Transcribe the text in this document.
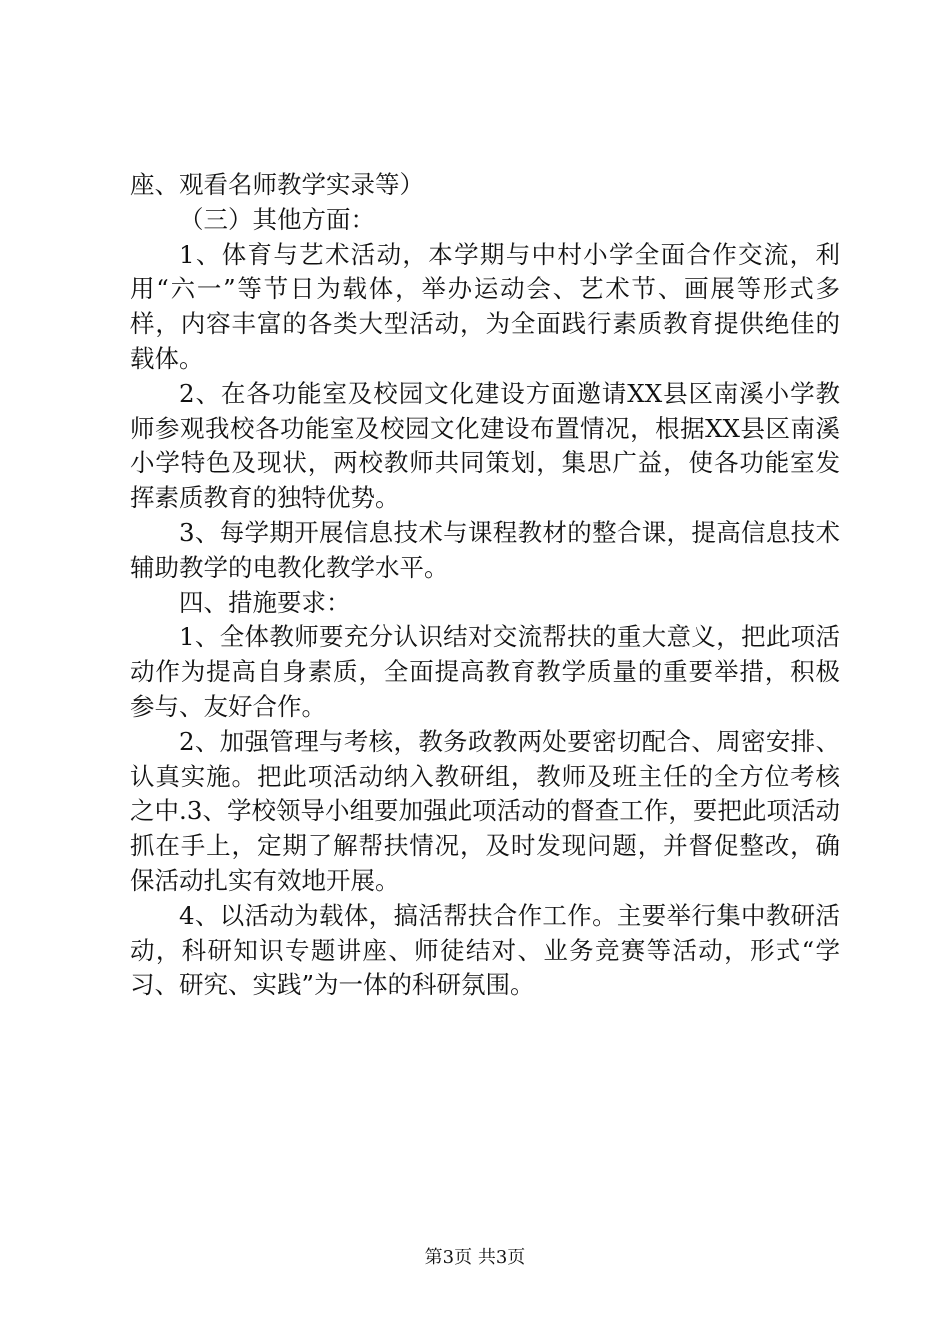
座、观看名师教学实录等）

（三）其他方面：

1、体育与艺术活动，本学期与中村小学全面合作交流，利用“六一”等节日为载体，举办运动会、艺术节、画展等形式多样，内容丰富的各类大型活动，为全面践行素质教育提供绝佳的载体。

2、在各功能室及校园文化建设方面邀请XX县区南溪小学教师参观我校各功能室及校园文化建设布置情况，根据XX县区南溪小学特色及现状，两校教师共同策划，集思广益，使各功能室发挥素质教育的独特优势。

3、每学期开展信息技术与课程教材的整合课，提高信息技术辅助教学的电教化教学水平。

四、措施要求：

1、全体教师要充分认识结对交流帮扶的重大意义，把此项活动作为提高自身素质，全面提高教育教学质量的重要举措，积极参与、友好合作。

2、加强管理与考核，教务政教两处要密切配合、周密安排、认真实施。把此项活动纳入教研组，教师及班主任的全方位考核之中.3、学校领导小组要加强此项活动的督查工作，要把此项活动抓在手上，定期了解帮扶情况，及时发现问题，并督促整改，确保活动扎实有效地开展。

4、以活动为载体，搞活帮扶合作工作。主要举行集中教研活动，科研知识专题讲座、师徒结对、业务竞赛等活动，形式“学习、研究、实践”为一体的科研氛围。

第3页 共3页
